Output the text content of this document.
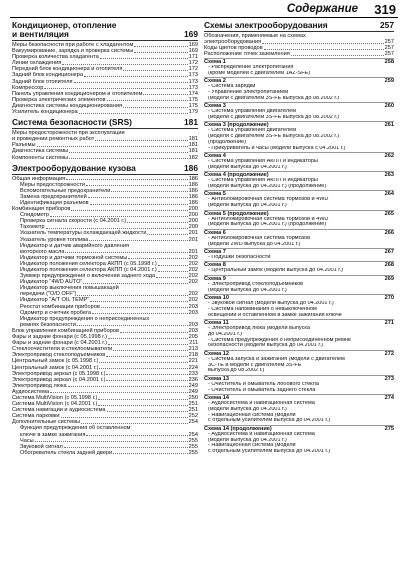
Содержание 319
Кондиционер, отопление
и вентиляция	169
Меры безопасности при работе с хладагентом	169
Вакуумирование, зарядка и проверка системы	169
Проверка количества хладагента	171
Линии охлаждения	172
Передний блок кондиционера и отопителя	172
Задний блок кондиционера	173
Задний блок отопителя	173
Компрессор	173
Панель управления кондиционером и отопителем	174
Проверка электрических элементов	175
Диагностика системы кондиционирования	175
Усилитель кондиционера	179
Система безопасности (SRS)	181
Меры предосторожности при эксплуатации
и проведении ремонтных работ	181
Разъемы	181
Диагностика системы	181
Компоненты системы	182
Электрооборудование кузова	186
Общая информация	186
Меры предосторожности	186
Вспомогательные предохранители	186
Замена предохранителей	186
Идентификация разъемов	186
Комбинация приборов	200
Спидометр	200
Проверка сигнала скорости (с 04.2001 г.)	200
Тахометр	200
Указатель температуры охлаждающей жидкости	201
Указатель уровня топлива	201
Индикатор и датчик аварийного давления
моторного масла	201
Индикатор и датчики тормозной системы	202
Индикатор положения селектора АКПП (с 05.1998 г.)	202
Индикатор положения селектора АКПП (с 04.2001 г.)	202
Зуммер предупреждения о включении заднего хода	202
Индикатор "4WD AUTO"	202
Индикатор выключения повышающей
передачи ("O/D OFF")	202
Индикатор "A/T OIL TEMP"	202
Реостат комбинации приборов	203
Одометр и счетчик пробега	203
Индикатор предупреждения о неприсоединенных
ремнях безопасности	203
Блок управления комбинацией приборов	203
Фары и задние фонари (с 05.1998 г.)	205
Фары и задние фонари (с 04.2001 г.)	211
Стеклоочистители и стеклоомыватели	213
Электропривод стеклоподъемников	218
Центральный замок (с 05.1998 г.)	221
Центральный замок (с 04.2001 г.)	224
Электропривод зеркал (с 05.1998 г.)	233
Электропривод зеркал (с 04.2001 г.)	236
Электропривод люка	249
Аудиосистема	249
Система MultiVision (с 05.1998 г.)	250
Система MultiVision (с 04.2001 г.)	251
Система навигации и аудиосистема	251
Система парковки	252
Дополнительные системы	254
Функция предупреждения об оставленном
ключе в замке зажигания	254
Часы	255
Звуковой сигнал	255
Обогреватель стекла задней двери	255
Схемы электрооборудования	257
Обозначения, применяемые на схемах
электрооборудования	257
Коды цветов проводов	257
Расположение точек заземления	257
Схема 1	258
- Распределение электропитания
(кроме моделей с двигателем 1AZ-SFE)
Схема 2	259
- Система зарядки
- Управление электропитанием
(модели с двигателем 3S-FE выпуска до 08.2002 г.)
Схема 3	260
- Система управления двигателем
(модели с двигателем 3S-FE выпуска до 08.2002 г.)
Схема 3 (продолжение)	261
- Система управления двигателем
(модели с двигателем 3S-FE выпуска до 08.2002 г.)
(продолжение)
- Прикуриватель и часы (модели выпуска с 04.2001 г.)
Схема 4	262
- Система управления АКПП и индикаторы
(модели выпуска до 04.2001 г.)
Схема 4 (продолжение)	263
- Система управления АКПП и индикаторы
(модели выпуска до 04.2001 г.) (продолжение)
Схема 5	264
- Антиблокировочная система тормозов и 4WD
(модели выпуска до 04.2001 г.)
Схема 5 (продолжение)	265
- Антиблокировочная система тормозов и 4WD
(модели выпуска до 04.2001 г.) (продолжение)
Схема 6	266
- Антиблокировочная система тормозов
(модели 2WD выпуска до 04.2001 г.)
Схема 7	267
- Подушки безопасности
Схема 8	268
- Центральный замок (модели выпуска до 04.2001 г.)
Схема 9	269
- Электропривод стеклоподъемников
(модели выпуска до 04.2001 г.)
Схема 10	270
- Звуковой сигнал (модели выпуска до 04.2001 г.)
- Система напоминания о невыключенном
освещении и оставленном в замке зажигания ключе
Схема 11	271
- Электропривод люка (модели выпуска
до 04.2001 г.)
- Система предупреждения о неприсоединенном ремне
безопасности (модели выпуска до 04.2001 г.)
Схема 12	272
- Система запуска и зажигания (модели с двигателем
3C-TE и модели с двигателем 3S-FE
выпуска до 08.2002 г.)
Схема 13	273
- Очиститель и омыватель лобового стекла
- Очиститель и омыватель заднего стекла
Схема 14	274
- Аудиосистема и навигационная система
(модели выпуска до 04.2001 г.)
- Навигационная система (модели
с отдельным усилителем выпуска до 04.2001 г.)
Схема 14 (продолжение)	275
- Аудиосистема и навигационная система
(модели выпуска до 04.2001 г.)
- Навигационная система (модели
с отдельным усилителем выпуска до 04.2001 г.)
